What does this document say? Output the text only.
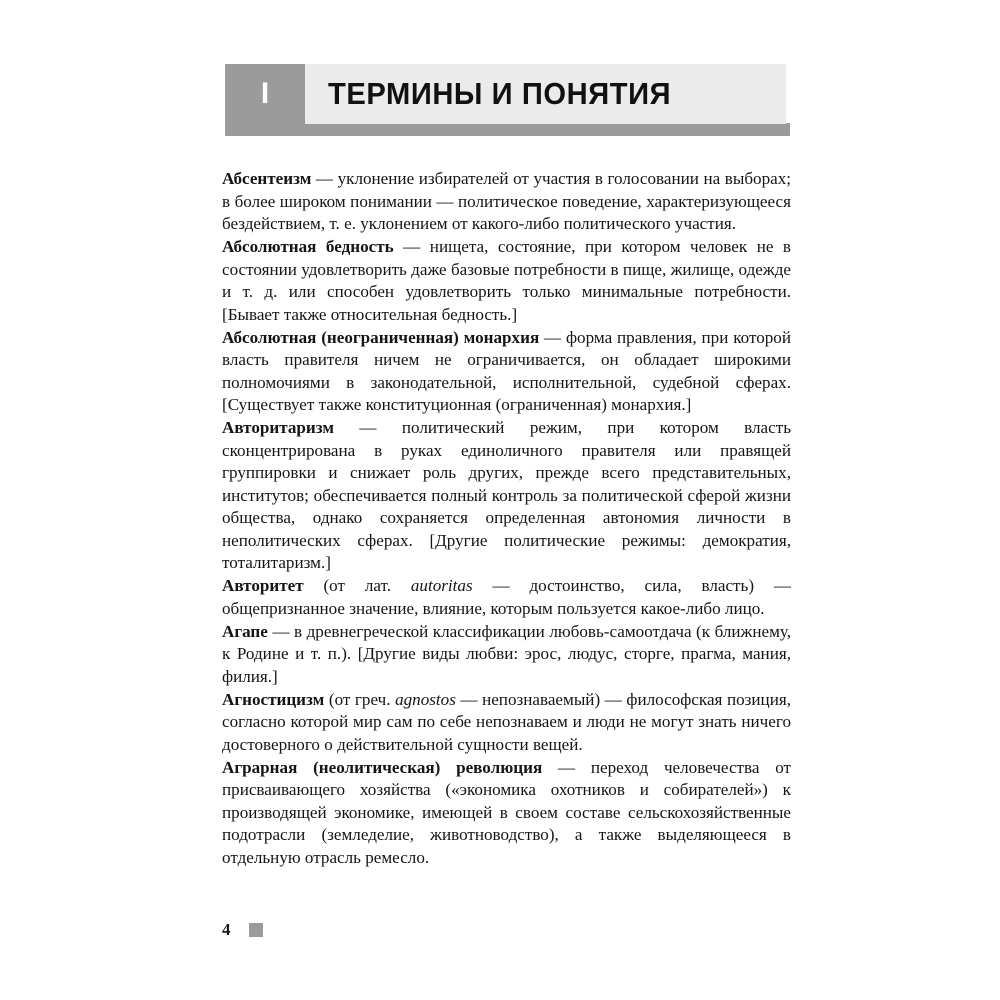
I	ТЕРМИНЫ И ПОНЯТИЯ

Абсентеизм — уклонение избирателей от участия в голосовании на выборах; в более широком понимании — политическое поведение, характеризующееся бездействием, т. е. уклонением от какого-либо политического участия.

Абсолютная бедность — нищета, состояние, при котором человек не в состоянии удовлетворить даже базовые потребности в пище, жилище, одежде и т. д. или способен удовлетворить только минимальные потребности. [Бывает также относительная бедность.]

Абсолютная (неограниченная) монархия — форма правления, при которой власть правителя ничем не ограничивается, он обладает широкими полномочиями в законодательной, исполнительной, судебной сферах. [Существует также конституционная (ограниченная) монархия.]

Авторитаризм — политический режим, при котором власть сконцентрирована в руках единоличного правителя или правящей группировки и снижает роль других, прежде всего представительных, институтов; обеспечивается полный контроль за политической сферой жизни общества, однако сохраняется определенная автономия личности в неполитических сферах. [Другие политические режимы: демократия, тоталитаризм.]

Авторитет (от лат. autoritas — достоинство, сила, власть) — общепризнанное значение, влияние, которым пользуется какое-либо лицо.

Агапе — в древнегреческой классификации любовь-самоотдача (к ближнему, к Родине и т. п.). [Другие виды любви: эрос, людус, сторге, прагма, мания, филия.]

Агностицизм (от греч. agnostos — непознаваемый) — философская позиция, согласно которой мир сам по себе непознаваем и люди не могут знать ничего достоверного о действительной сущности вещей.

Аграрная (неолитическая) революция — переход человечества от присваивающего хозяйства («экономика охотников и собирателей») к производящей экономике, имеющей в своем составе сельскохозяйственные подотрасли (земледелие, животноводство), а также выделяющееся в отдельную отрасль ремесло.

4
